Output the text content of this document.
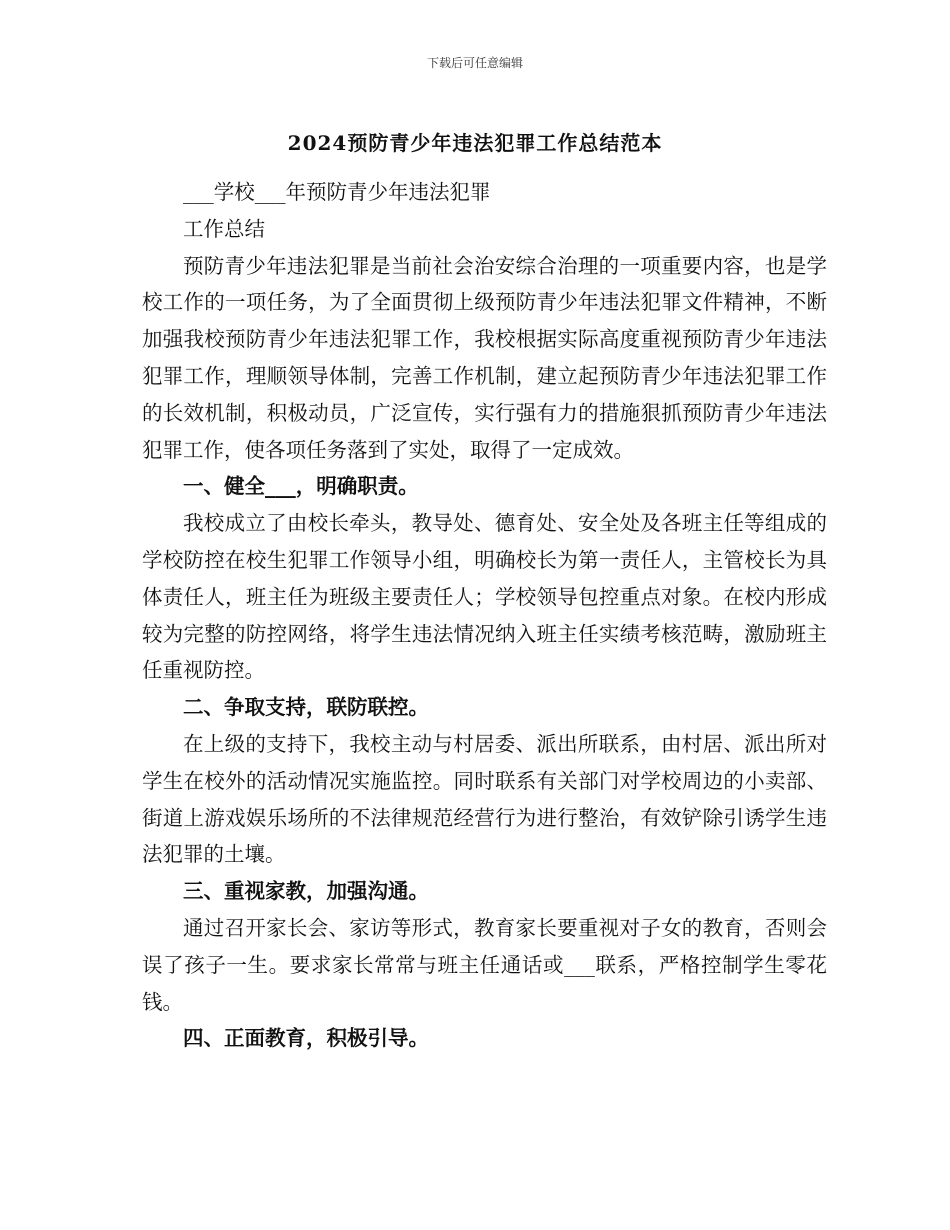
下载后可任意编辑
2024预防青少年违法犯罪工作总结范本

___学校___年预防青少年违法犯罪

工作总结

预防青少年违法犯罪是当前社会治安综合治理的一项重要内容，也是学校工作的一项任务，为了全面贯彻上级预防青少年违法犯罪文件精神，不断加强我校预防青少年违法犯罪工作，我校根据实际高度重视预防青少年违法犯罪工作，理顺领导体制，完善工作机制，建立起预防青少年违法犯罪工作的长效机制，积极动员，广泛宣传，实行强有力的措施狠抓预防青少年违法犯罪工作，使各项任务落到了实处，取得了一定成效。

一、健全___，明确职责。

我校成立了由校长牵头，教导处、德育处、安全处及各班主任等组成的学校防控在校生犯罪工作领导小组，明确校长为第一责任人，主管校长为具体责任人，班主任为班级主要责任人；学校领导包控重点对象。在校内形成较为完整的防控网络，将学生违法情况纳入班主任实绩考核范畴，激励班主任重视防控。

二、争取支持，联防联控。

在上级的支持下，我校主动与村居委、派出所联系，由村居、派出所对学生在校外的活动情况实施监控。同时联系有关部门对学校周边的小卖部、街道上游戏娱乐场所的不法律规范经营行为进行整治，有效铲除引诱学生违法犯罪的土壤。

三、重视家教，加强沟通。

通过召开家长会、家访等形式，教育家长要重视对子女的教育，否则会误了孩子一生。要求家长常常与班主任通话或___联系，严格控制学生零花钱。

四、正面教育，积极引导。
